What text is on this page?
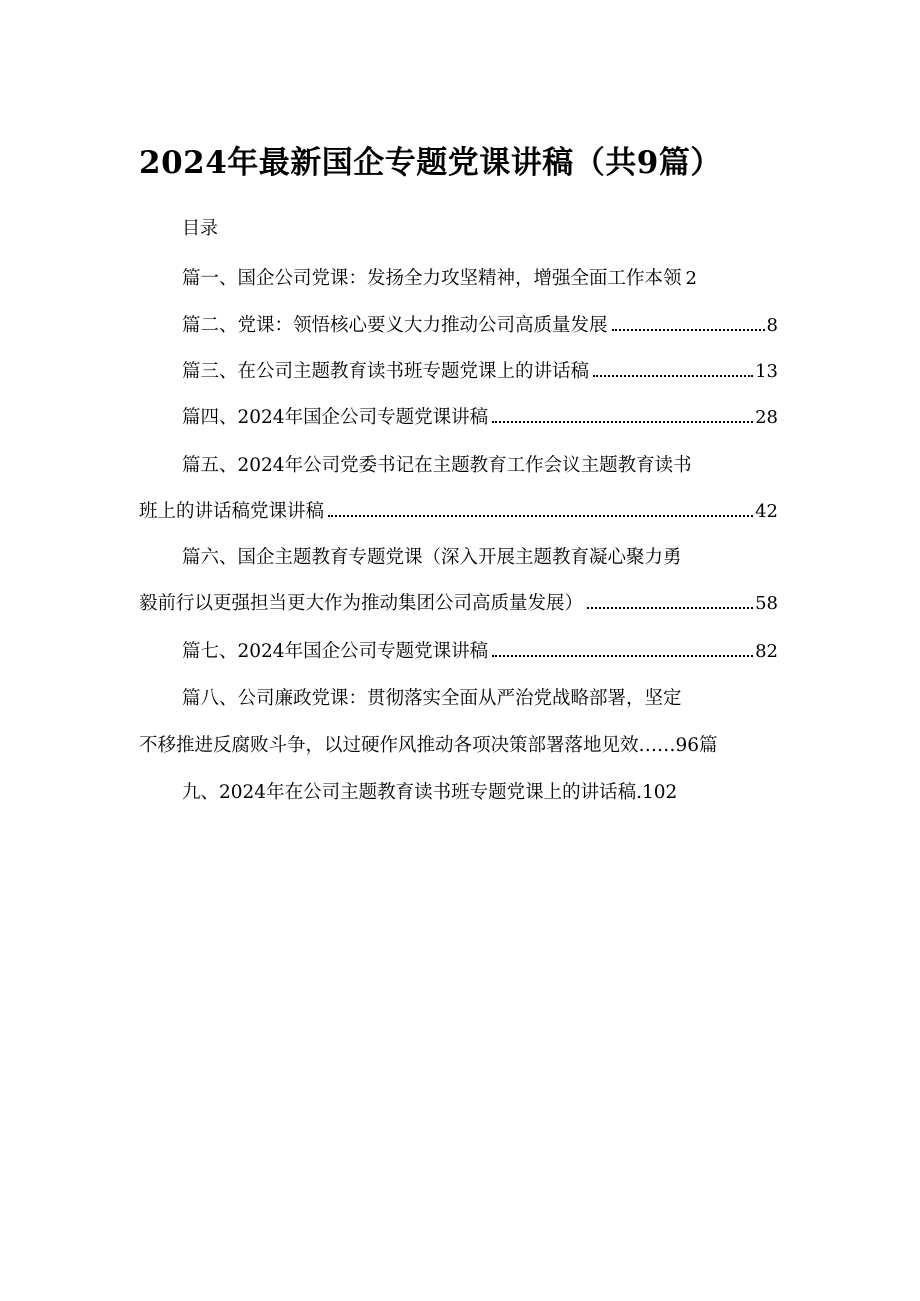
2024年最新国企专题党课讲稿（共9篇）
目录
篇一、国企公司党课：发扬全力攻坚精神，增强全面工作本领 2
篇二、党课：领悟核心要义大力推动公司高质量发展	8
篇三、在公司主题教育读书班专题党课上的讲话稿	13
篇四、2024年国企公司专题党课讲稿	28
篇五、2024年公司党委书记在主题教育工作会议主题教育读书
班上的讲话稿党课讲稿	42
篇六、国企主题教育专题党课（深入开展主题教育凝心聚力勇
毅前行以更强担当更大作为推动集团公司高质量发展）	58
篇七、2024年国企公司专题党课讲稿	82
篇八、公司廉政党课：贯彻落实全面从严治党战略部署，坚定
不移推进反腐败斗争，以过硬作风推动各项决策部署落地见效……96篇
九、2024年在公司主题教育读书班专题党课上的讲话稿.102
